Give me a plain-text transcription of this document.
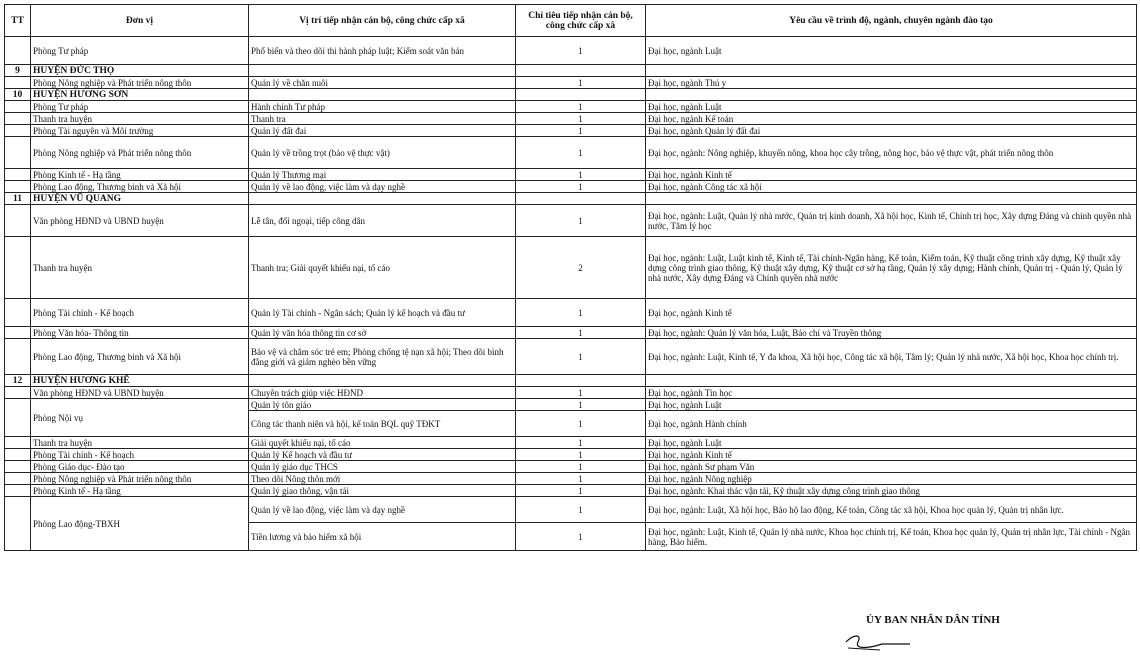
TT	Đơn vị	Vị trí tiếp nhận cán bộ, công chức cấp xã	Chỉ tiêu tiếp nhận cán bộ, công chức cấp xã	Yêu cầu về trình độ, ngành, chuyên ngành đào tạo
	Phòng Tư pháp	Phổ biến và theo dõi thi hành pháp luật; Kiểm soát văn bản	1	Đại học, ngành Luật
9	HUYỆN ĐỨC THỌ			
	Phòng Nông nghiệp và Phát triển nông thôn	Quản lý về chăn nuôi	1	Đại học, ngành Thú y
10	HUYỆN HƯƠNG SƠN			
	Phòng Tư pháp	Hành chính Tư pháp	1	Đại học, ngành Luật
	Thanh tra huyện	Thanh tra	1	Đại học, ngành Kế toán
	Phòng Tài nguyên và Môi trường	Quản lý đất đai	1	Đại học, ngành Quản lý đất đai
	Phòng Nông nghiệp và Phát triển nông thôn	Quản lý về trồng trọt (bảo vệ thực vật)	1	Đại học, ngành: Nông nghiệp, khuyến nông, khoa học cây trồng, nông học, bảo vệ thực vật, phát triển nông thôn
	Phòng Kinh tế - Hạ tầng	Quản lý Thương mại	1	Đại học, ngành Kinh tế
	Phòng Lao động, Thương binh và Xã hội	Quản lý về lao động, việc làm và dạy nghề	1	Đại học, ngành Công tác xã hội
11	HUYỆN VŨ QUANG			
	Văn phòng HĐND và UBND huyện	Lễ tân, đối ngoại, tiếp công dân	1	Đại học, ngành: Luật, Quản lý nhà nước, Quản trị kinh doanh, Xã hội học, Kinh tế, Chính trị học, Xây dựng Đảng và chính quyền nhà nước, Tâm lý học
	Thanh tra huyện	Thanh tra; Giải quyết khiếu nại, tố cáo	2	Đại học, ngành: Luật, Luật kinh tế, Kinh tế, Tài chính-Ngân hàng, Kế toán, Kiểm toán, Kỹ thuật công trình xây dựng, Kỹ thuật xây dựng công trình giao thông, Kỹ thuật xây dựng, Kỹ thuật cơ sở hạ tầng, Quản lý xây dựng; Hành chính, Quản trị - Quản lý, Quản lý nhà nước, Xây dựng Đảng và Chính quyền nhà nước
	Phòng Tài chính - Kế hoạch	Quản lý Tài chính - Ngân sách; Quản lý kế hoạch và đầu tư	1	Đại học, ngành Kinh tế
	Phòng Văn hóa- Thông tin	Quản lý văn hóa thông tin cơ sở	1	Đại học, ngành: Quản lý văn hóa, Luật, Báo chí và Truyền thông
	Phòng Lao động, Thương binh và Xã hội	Bảo vệ và chăm sóc trẻ em; Phòng chống tệ nạn xã hội; Theo dõi bình đẳng giới và giảm nghèo bền vững	1	Đại học, ngành: Luật, Kinh tế, Y đa khoa, Xã hội học, Công tác xã hội, Tâm lý; Quản lý nhà nước, Xã hội học, Khoa học chính trị.
12	HUYỆN HƯƠNG KHÊ			
	Văn phòng HĐND và UBND huyện	Chuyên trách giúp việc HĐND	1	Đại học, ngành Tin học
	Phòng Nội vụ	Quản lý tôn giáo	1	Đại học, ngành Luật
		Công tác thanh niên và hội, kế toán BQL quỹ TĐKT	1	Đại học, ngành Hành chính
	Thanh tra huyện	Giải quyết khiếu nại, tố cáo	1	Đại học, ngành Luật
	Phòng Tài chính - Kế hoạch	Quản lý Kế hoạch và đầu tư	1	Đại học, ngành Kinh tế
	Phòng Giáo dục- Đào tạo	Quản lý giáo dục THCS	1	Đại học, ngành Sư phạm Văn
	Phòng Nông nghiệp và Phát triển nông thôn	Theo dõi Nông thôn mới	1	Đại học, ngành Nông nghiệp
	Phòng Kinh tế - Hạ tầng	Quản lý giao thông, vận tải	1	Đại học, ngành: Khai thác vận tải, Kỹ thuật xây dựng công trình giao thông
	Phòng Lao động-TBXH	Quản lý về lao động, việc làm và dạy nghề	1	Đại học, ngành: Luật, Xã hội học, Bảo hộ lao động, Kế toán, Công tác xã hội, Khoa học quản lý, Quản trị nhân lực.
		Tiền lương và bảo hiểm xã hội	1	Đại học, ngành: Luật, Kinh tế, Quản lý nhà nước, Khoa học chính trị, Kế toán, Khoa học quản lý, Quản trị nhân lực, Tài chính - Ngân hàng, Bảo hiểm.
ỦY BAN NHÂN DÂN TỈNH
